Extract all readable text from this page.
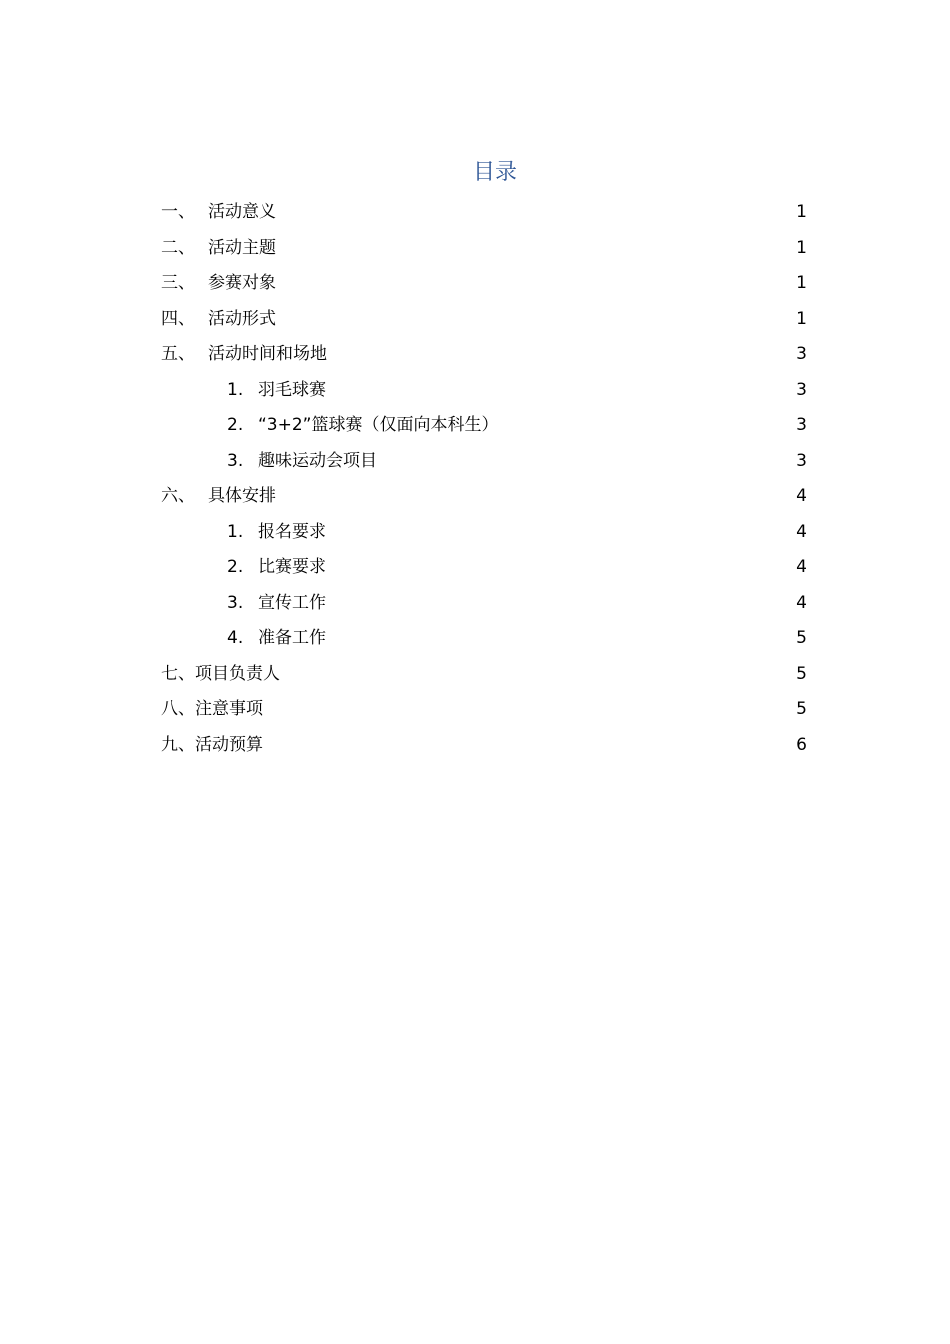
目录
一、 活动意义	1
二、 活动主题	1
三、 参赛对象	1
四、 活动形式	1
五、 活动时间和场地	3
1. 羽毛球赛	3
2. “3+2”篮球赛（仅面向本科生）	3
3. 趣味运动会项目	3
六、 具体安排	4
1. 报名要求	4
2. 比赛要求	4
3. 宣传工作	4
4. 准备工作	5
七、 项目负责人	5
八、 注意事项	5
九、 活动预算	6
